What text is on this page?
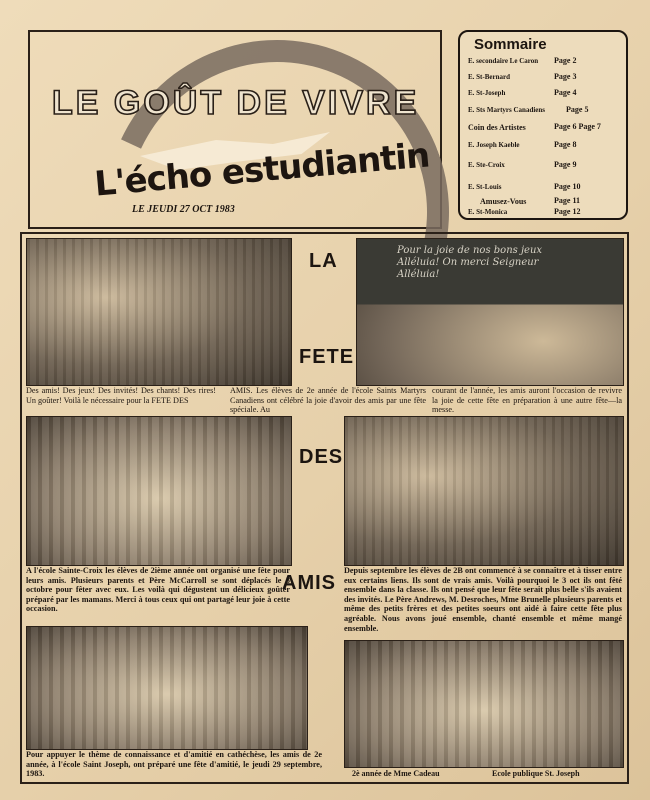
LE GOÛT DE VIVRE
L'écho estudiantin
LE JEUDI 27 OCT 1983
Sommaire
E. secondaire Le Caron Page 2
E. St-Bernard	Page 3
E. St-Joseph	Page 4
E. Sts Martyrs Canadiens	Page 5
Coin des Artistes	Page 6 Page 7
E. Joseph Kaeble	Page 8
E. Ste-Croix	Page 9
E. St-Louis	Page 10
Amusez-Vous	Page 11
E. St-Monica	Page 12
LA
FETE
Pour la joie de nos bons jeux
Alléluia! On merci Seigneur
Alléluia!
Des amis! Des jeux! Des invités! Des chants! Des rires! Un goûter! Voilà le nécessaire pour la FETE DES
AMIS. Les élèves de 2e année de l'école Saints Martyrs Canadiens ont célébré la joie d'avoir des amis par une fête spéciale. Au
courant de l'année, les amis auront l'occasion de revivre la joie de cette fête en préparation à une autre fête—la messe.
DES
A l'école Sainte-Croix les élèves de 2ième année ont organisé une fête pour leurs amis. Plusieurs parents et Père McCarroll se sont déplacés le 3 octobre pour fêter avec eux. Les voilà qui dégustent un délicieux goûter préparé par les mamans. Merci à tous ceux qui ont partagé leur joie à cette occasion.
AMIS
Depuis septembre les élèves de 2B ont commencé à se connaître et à tisser entre eux certains liens. Ils sont de vrais amis. Voilà pourquoi le 3 oct ils ont fêté ensemble dans la classe. Ils ont pensé que leur fête serait plus belle s'ils avaient des invités. Le Père Andrews, M. Desroches, Mme Brunelle plusieurs parents et même des petits frères et des petites soeurs ont aidé à faire cette fête plus agréable. Nous avons joué ensemble, chanté ensemble et même mangé ensemble.
Pour appuyer le thème de connaissance et d'amitié en cathéchèse, les amis de 2e année, à l'école Saint Joseph, ont préparé une fête d'amitié, le jeudi 29 septembre, 1983.	2è année de Mme Cadeau	Ecole publique St. Joseph
